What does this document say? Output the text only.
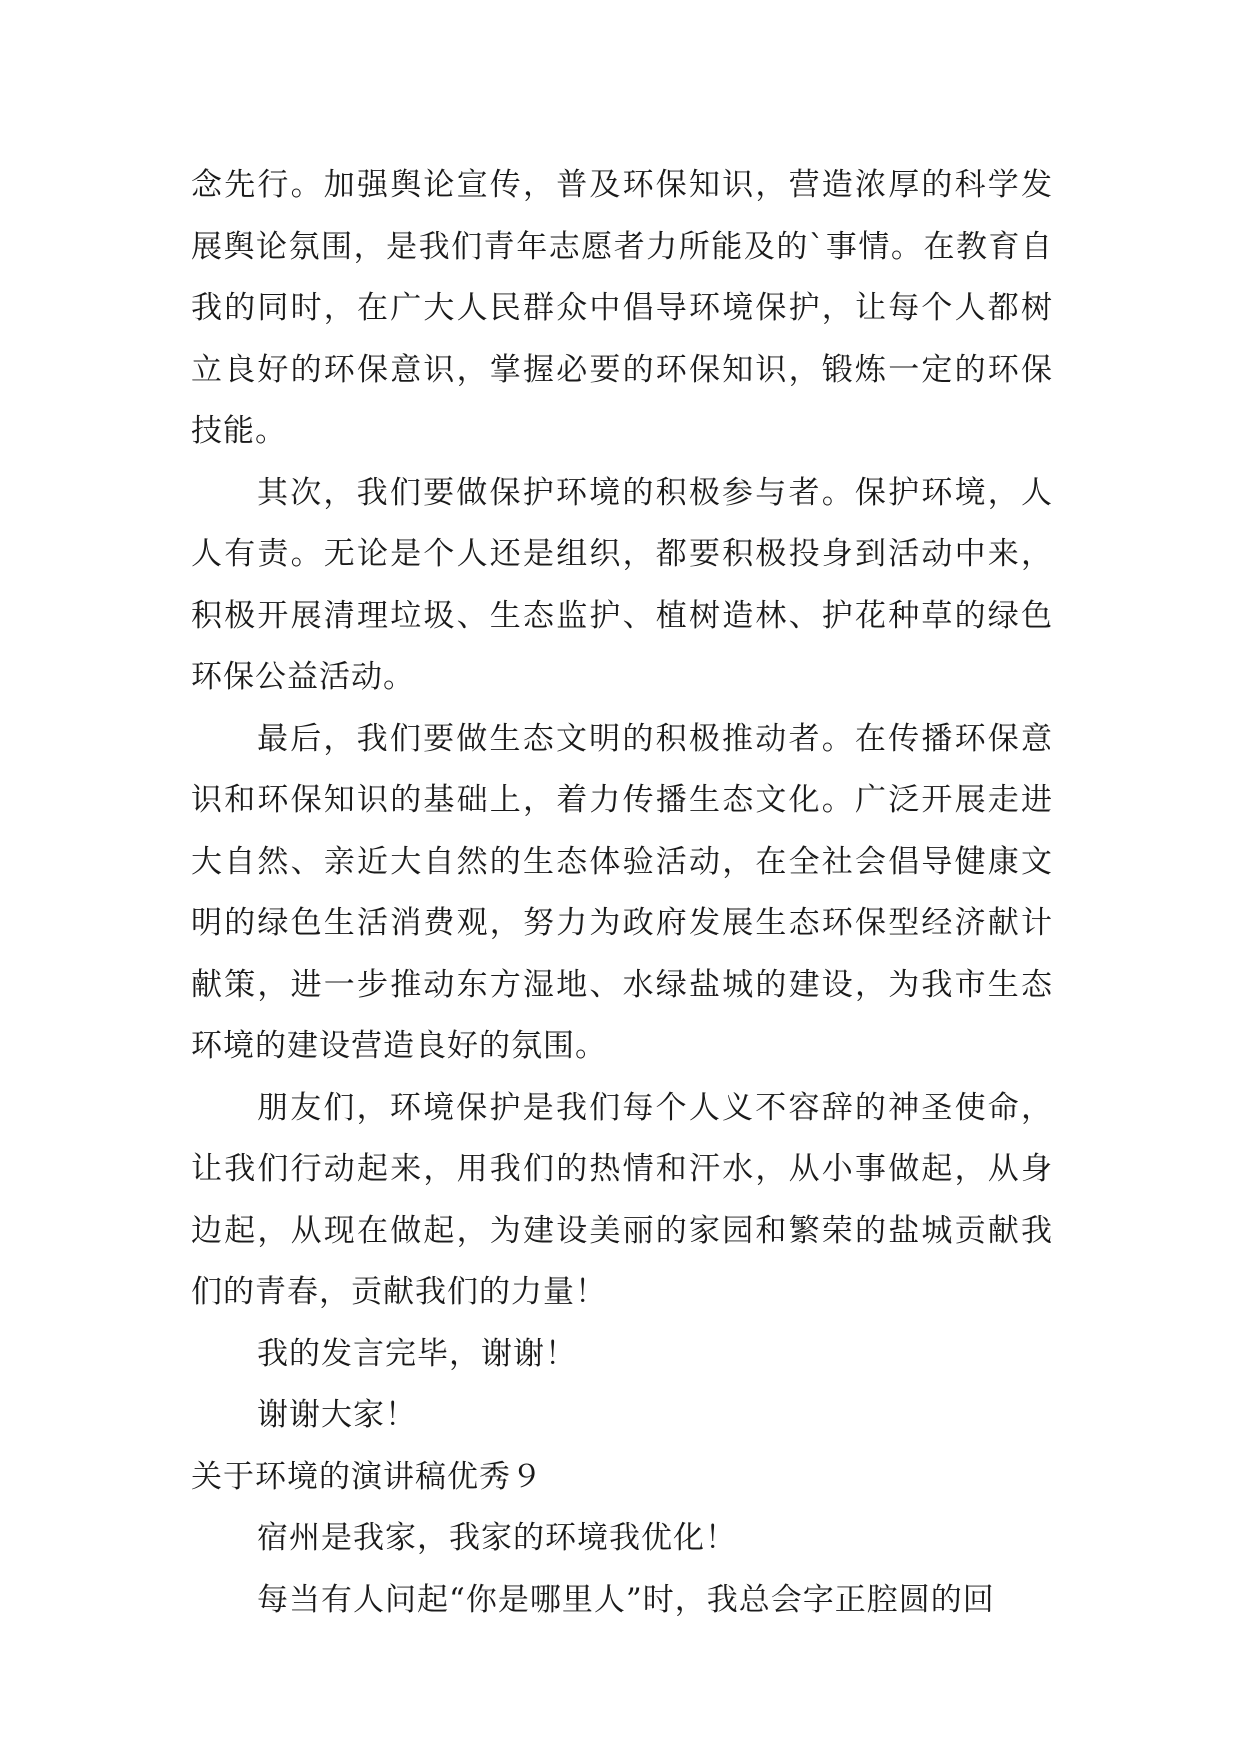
念先行。加强舆论宣传，普及环保知识，营造浓厚的科学发展舆论氛围，是我们青年志愿者力所能及的`事情。在教育自我的同时，在广大人民群众中倡导环境保护，让每个人都树立良好的环保意识，掌握必要的环保知识，锻炼一定的环保技能。

其次，我们要做保护环境的积极参与者。保护环境，人人有责。无论是个人还是组织，都要积极投身到活动中来，积极开展清理垃圾、生态监护、植树造林、护花种草的绿色环保公益活动。

最后，我们要做生态文明的积极推动者。在传播环保意识和环保知识的基础上，着力传播生态文化。广泛开展走进大自然、亲近大自然的生态体验活动，在全社会倡导健康文明的绿色生活消费观，努力为政府发展生态环保型经济献计献策，进一步推动东方湿地、水绿盐城的建设，为我市生态环境的建设营造良好的氛围。

朋友们，环境保护是我们每个人义不容辞的神圣使命，让我们行动起来，用我们的热情和汗水，从小事做起，从身边起，从现在做起，为建设美丽的家园和繁荣的盐城贡献我们的青春，贡献我们的力量！

我的发言完毕，谢谢！

谢谢大家！

关于环境的演讲稿优秀９

宿州是我家，我家的环境我优化！

每当有人问起“你是哪里人”时，我总会字正腔圆的回
